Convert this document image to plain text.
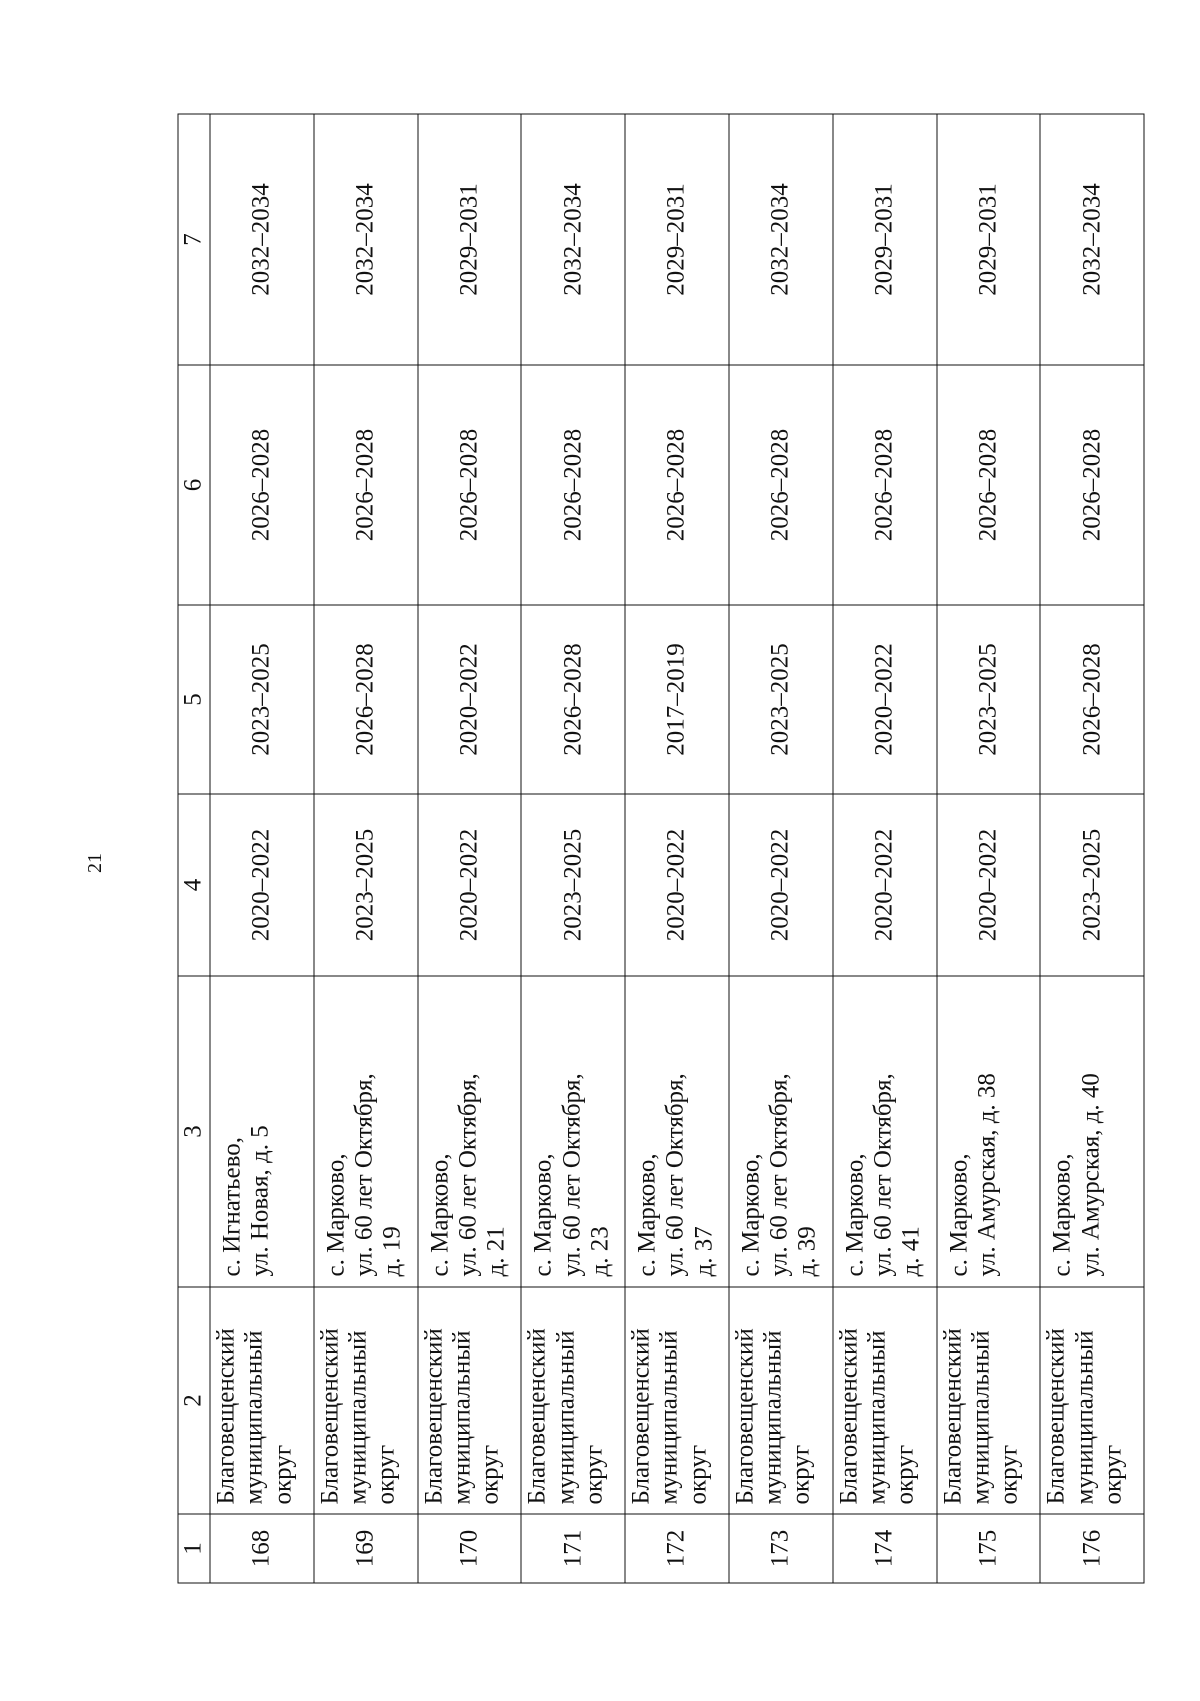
21
1	2	3	4	5	6	7
168	Благовещенский муниципальный округ	с. Игнатьево, ул. Новая, д. 5	2020–2022	2023–2025	2026–2028	2032–2034
169	Благовещенский муниципальный округ	с. Марково, ул. 60 лет Октября, д. 19	2023–2025	2026–2028	2026–2028	2032–2034
170	Благовещенский муниципальный округ	с. Марково, ул. 60 лет Октября, д. 21	2020–2022	2020–2022	2026–2028	2029–2031
171	Благовещенский муниципальный округ	с. Марково, ул. 60 лет Октября, д. 23	2023–2025	2026–2028	2026–2028	2032–2034
172	Благовещенский муниципальный округ	с. Марково, ул. 60 лет Октября, д. 37	2020–2022	2017–2019	2026–2028	2029–2031
173	Благовещенский муниципальный округ	с. Марково, ул. 60 лет Октября, д. 39	2020–2022	2023–2025	2026–2028	2032–2034
174	Благовещенский муниципальный округ	с. Марково, ул. 60 лет Октября, д. 41	2020–2022	2020–2022	2026–2028	2029–2031
175	Благовещенский муниципальный округ	с. Марково, ул. Амурская, д. 38	2020–2022	2023–2025	2026–2028	2029–2031
176	Благовещенский муниципальный округ	с. Марково, ул. Амурская, д. 40	2023–2025	2026–2028	2026–2028	2032–2034
